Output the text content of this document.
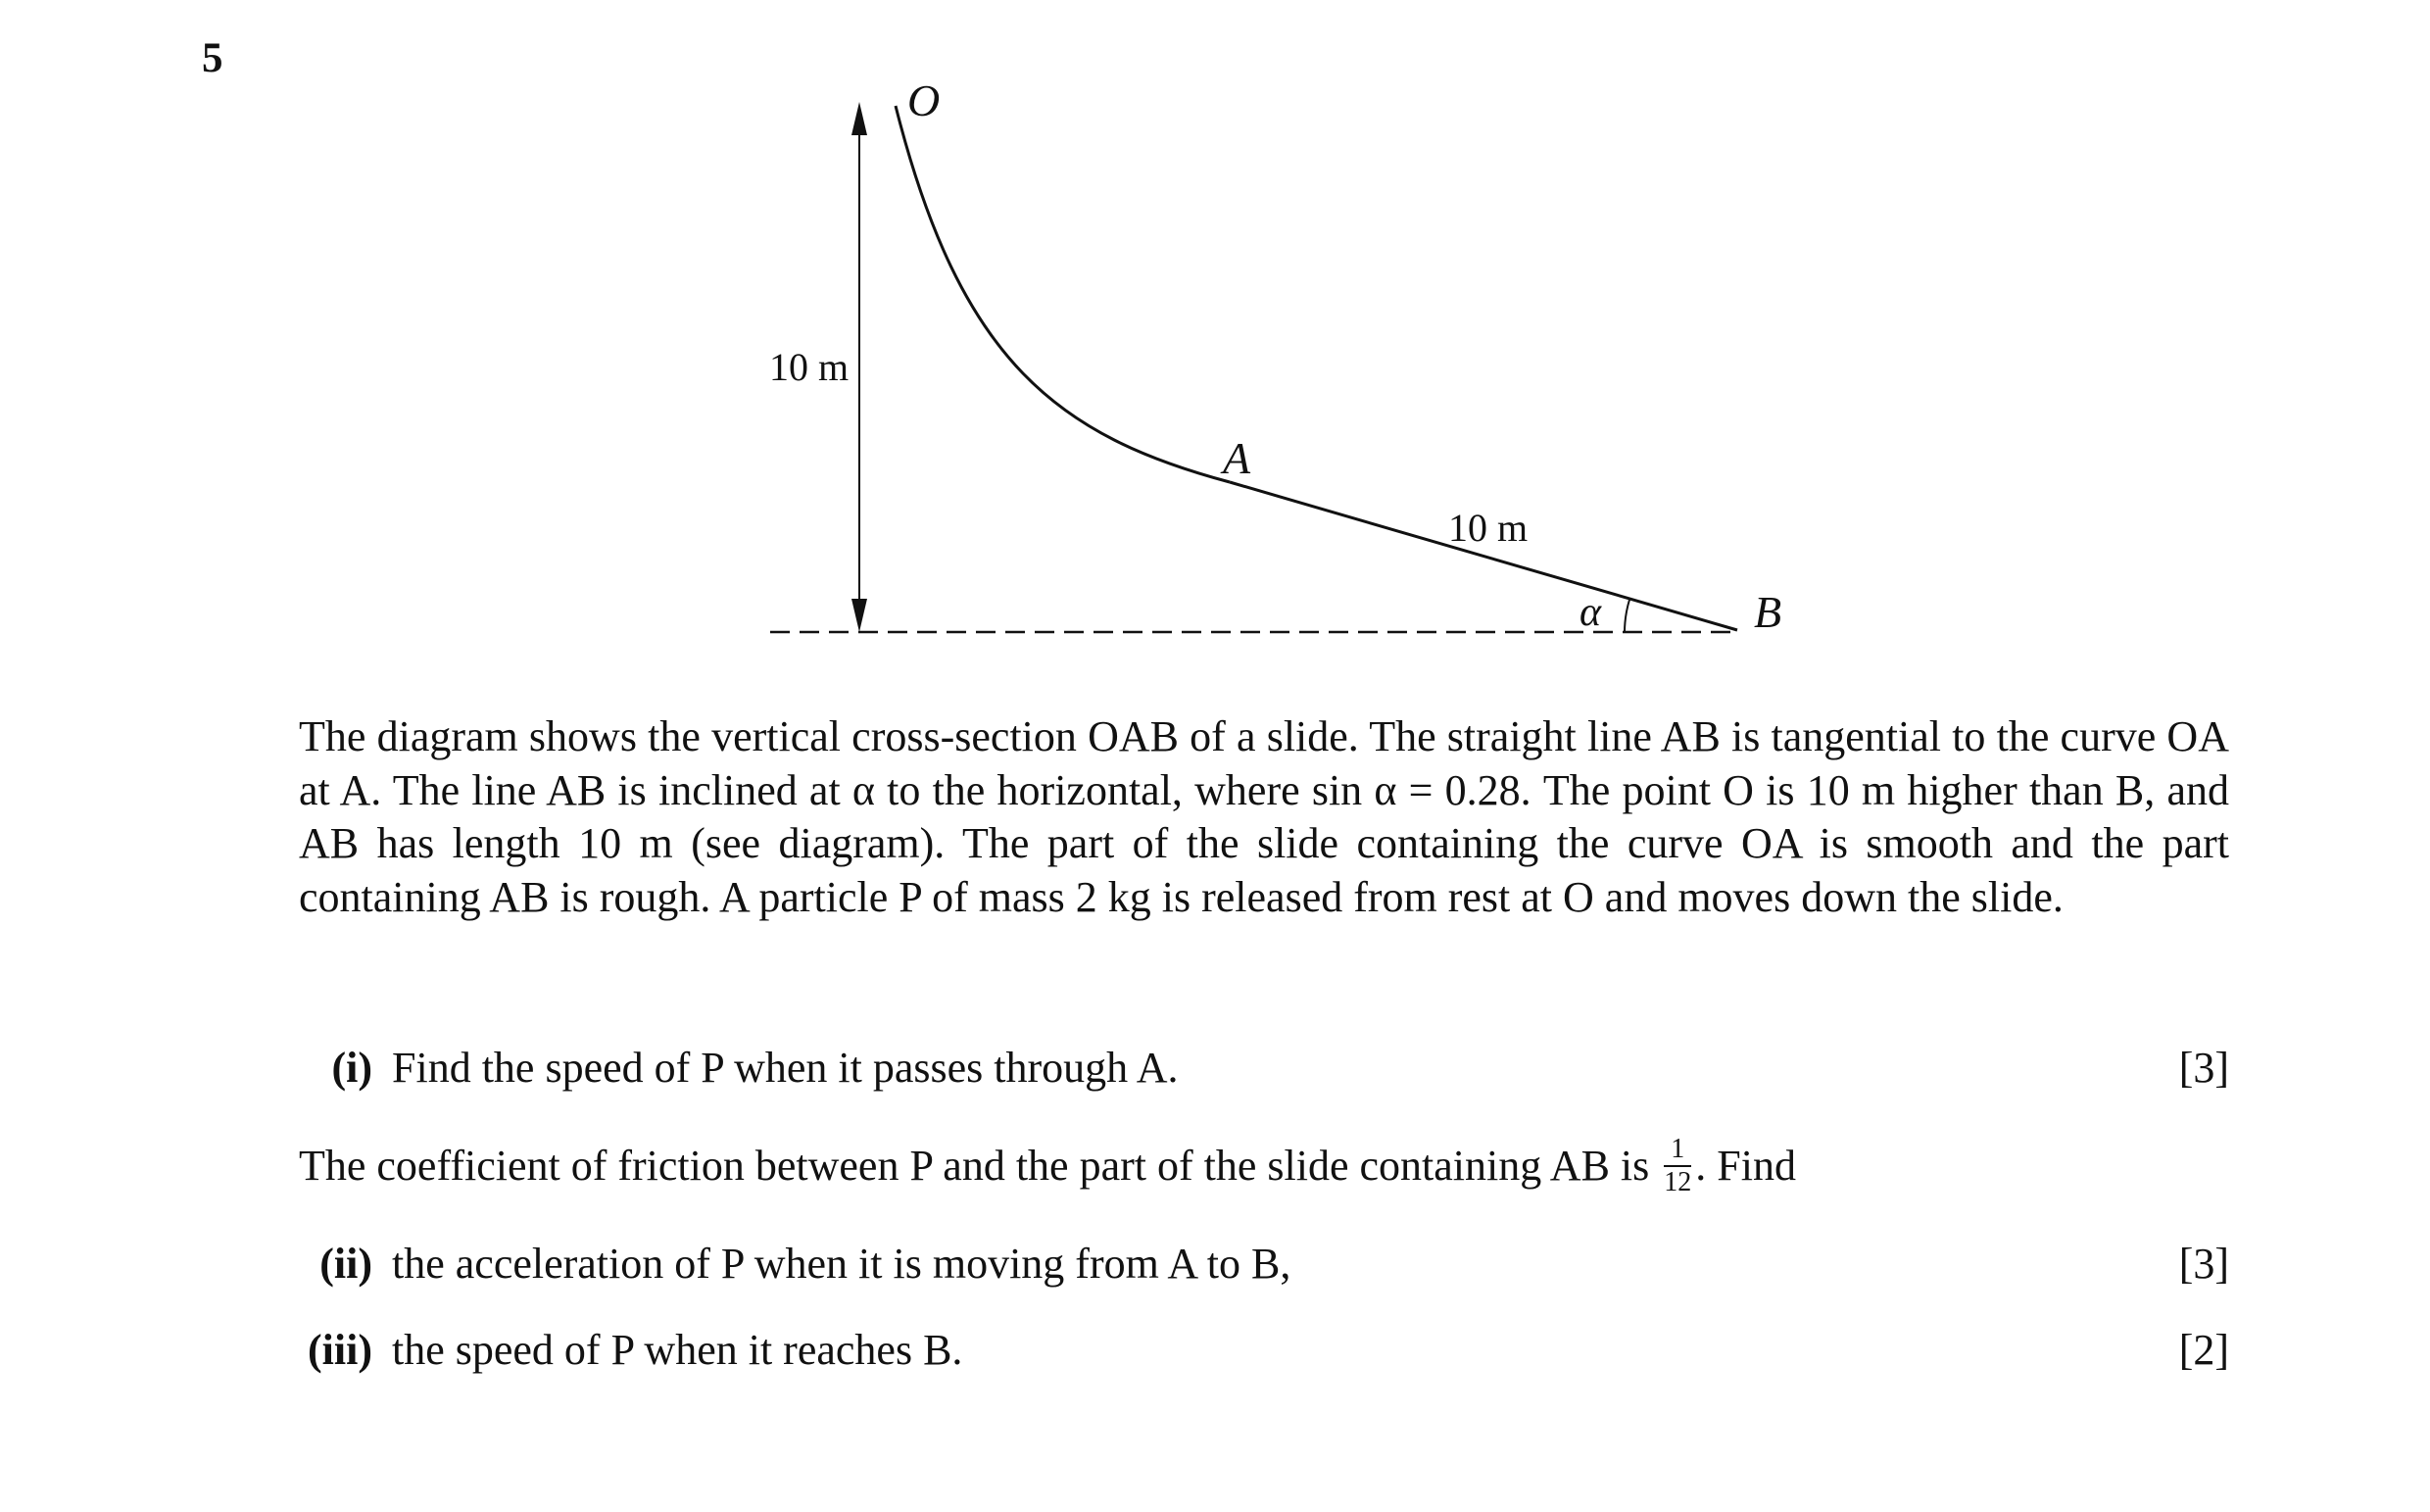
5
O
A
B
10 m
10 m
α
The diagram shows the vertical cross-section OAB of a slide. The straight line AB is tangential to the curve OA at A. The line AB is inclined at α to the horizontal, where sin α = 0.28. The point O is 10 m higher than B, and AB has length 10 m (see diagram). The part of the slide containing the curve OA is smooth and the part containing AB is rough. A particle P of mass 2 kg is released from rest at O and moves down the slide.
(i) Find the speed of P when it passes through A.	[3]
The coefficient of friction between P and the part of the slide containing AB is $\frac{1}{12}$ . Find
(ii) the acceleration of P when it is moving from A to B,	[3]
(iii) the speed of P when it reaches B.	[2]
